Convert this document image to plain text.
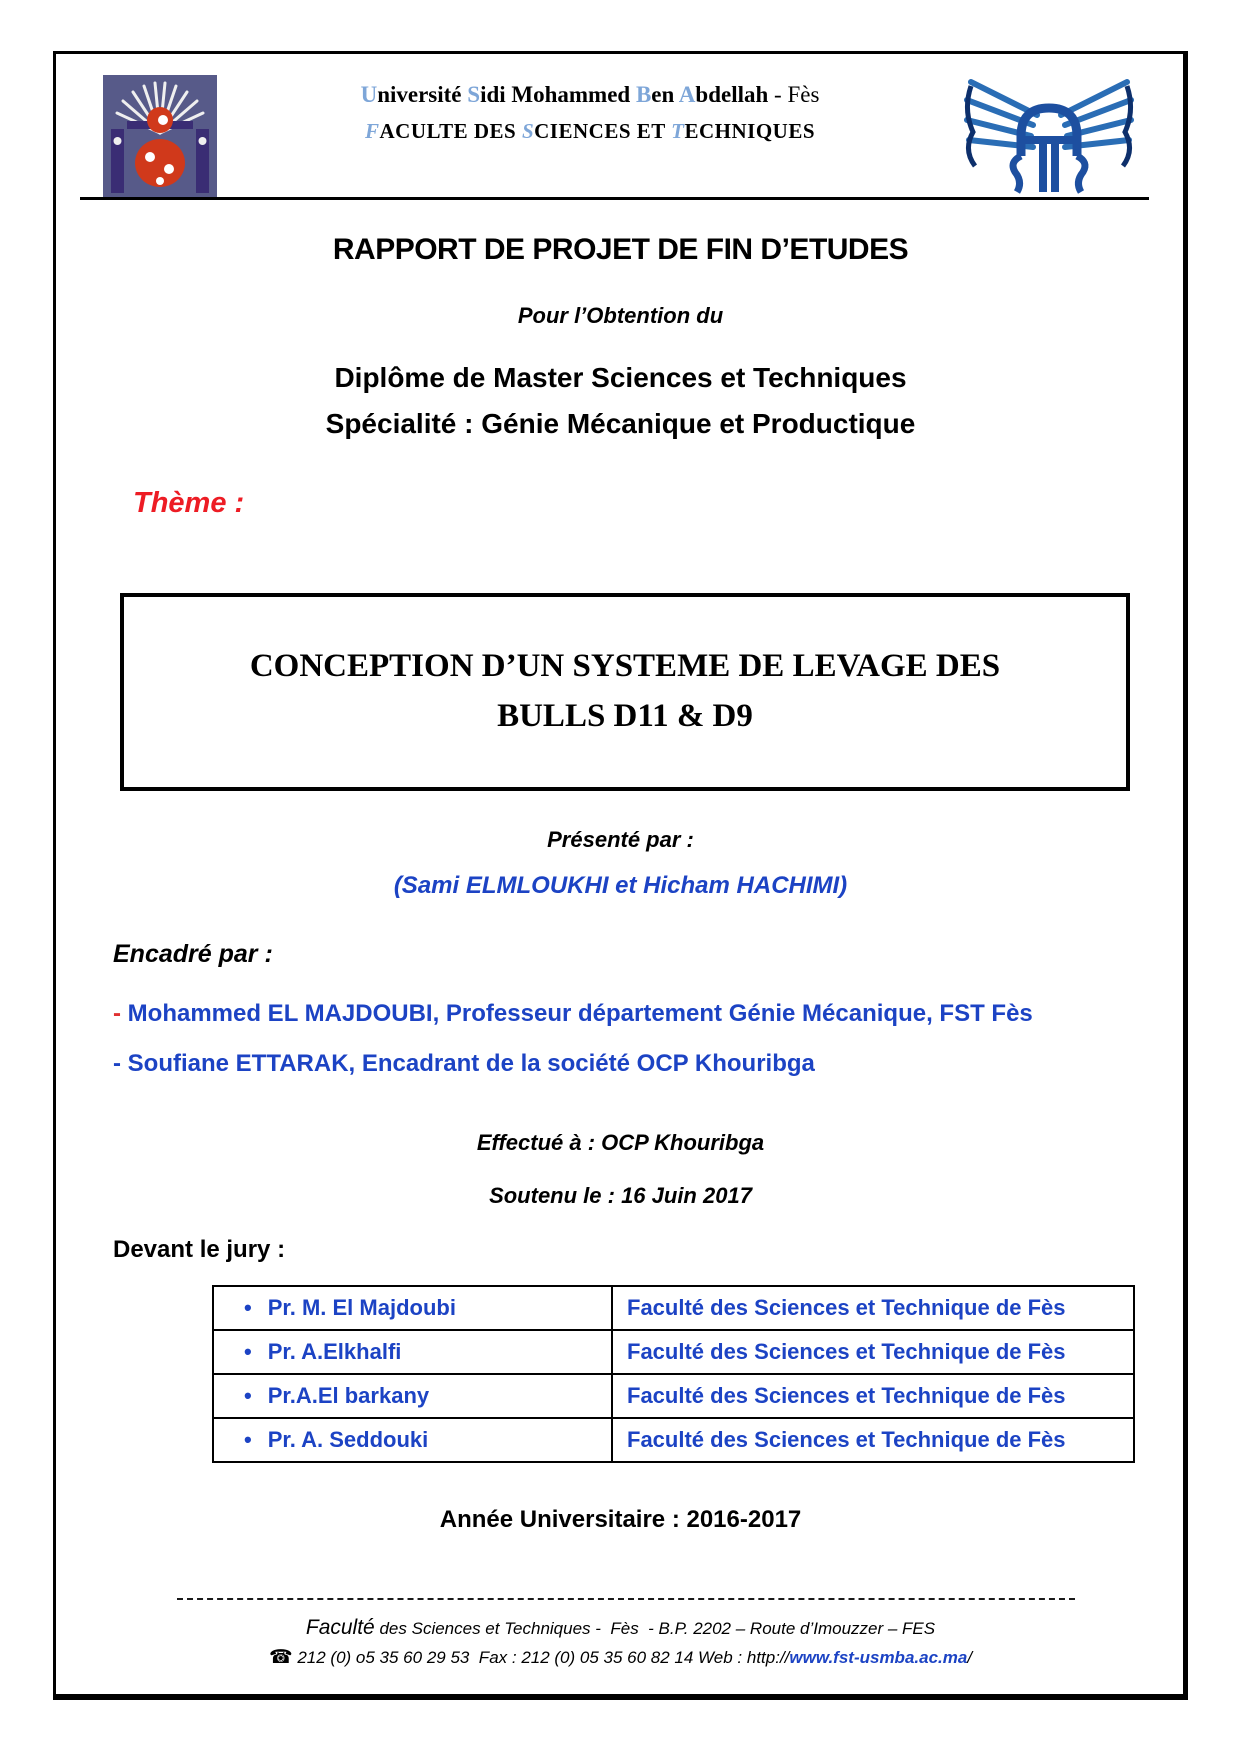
Université Sidi Mohammed Ben Abdellah - Fès
FACULTE DES SCIENCES ET TECHNIQUES
RAPPORT DE PROJET DE FIN D’ETUDES
Pour l’Obtention du
Diplôme de Master Sciences et Techniques
Spécialité : Génie Mécanique et Productique
Thème :
CONCEPTION D’UN SYSTEME DE LEVAGE DES
BULLS D11 & D9
Présenté par :
(Sami ELMLOUKHI et Hicham HACHIMI)
Encadré par :
- Mohammed EL MAJDOUBI, Professeur département Génie Mécanique, FST Fès
- Soufiane ETTARAK, Encadrant de la société OCP Khouribga
Effectué à : OCP Khouribga
Soutenu le : 16 Juin 2017
Devant le jury :
• Pr. M. El Majdoubi	Faculté des Sciences et Technique de Fès
• Pr. A.Elkhalfi	Faculté des Sciences et Technique de Fès
• Pr.A.El barkany	Faculté des Sciences et Technique de Fès
• Pr. A. Seddouki	Faculté des Sciences et Technique de Fès
Année Universitaire : 2016-2017
Faculté des Sciences et Techniques -  Fès  - B.P. 2202 – Route d’Imouzzer – FES
☎ 212 (0) o5 35 60 29 53  Fax : 212 (0) 05 35 60 82 14 Web : http://www.fst-usmba.ac.ma/
